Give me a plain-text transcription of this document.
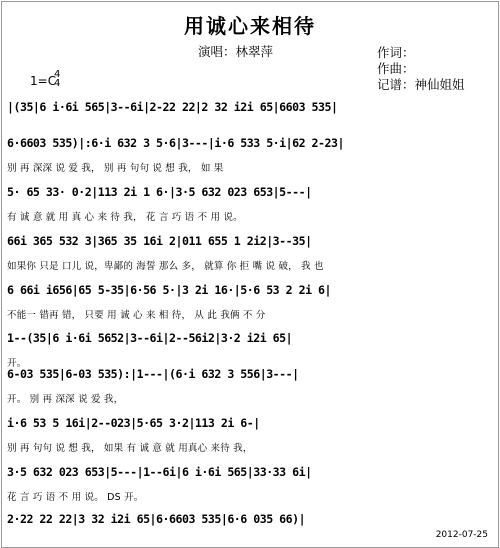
用诚心来相待
演唱：林翠萍	作词：
作曲：
记谱：神仙姐姐
1=C
4
4
|(35|6 i·6i 565|3--6i|2-22 22|2 32 i2i 65|6603 535|
6·6603 535)|:6·i 632 3 5·6|3---|i·6 533 5·i|62 2-23|
别 再 深深 说 爱 我， 别 再 句句 说 想 我， 如 果
5· 65 33· 0·2|113 2i 1 6·|3·5 632 023 653|5---|
有 诚 意 就 用 真 心 来 待 我， 花 言 巧 语 不 用 说。
66i 365 532 3|365 35 16i 2|011 655 1 2i2|3--35|
如果你 只是 口儿 说，卑鄙的 海誓 那么 多， 就算 你 拒 嘴 说 破， 我 也
6 66i i656|65 5-35|6·56 5·|3 2i 16·|5·6 53 2 2i 6|
不能一 错再 错， 只要 用 诚 心 来 相 待， 从 此 我俩 不 分
1--(35|6 i·6i 5652|3--6i|2--56i2|3·2 i2i 65|
开。
6-03 535|6-03 535):|1---|(6·i 632 3 556|3---|
开。 别 再 深深 说 爱 我，
i·6 53 5 16i|2--023|5·65 3·2|113 2i 6-|
别 再 句句 说 想 我， 如果 有 诚 意 就 用真心 来待 我，
3·5 632 023 653|5---|1--6i|6 i·6i 565|33·33 6i|
花 言 巧 语 不 用 说。 DS 开。
2·22 22 22|3 32 i2i 65|6·6603 535|6·6 035 66)|
2012-07-25
